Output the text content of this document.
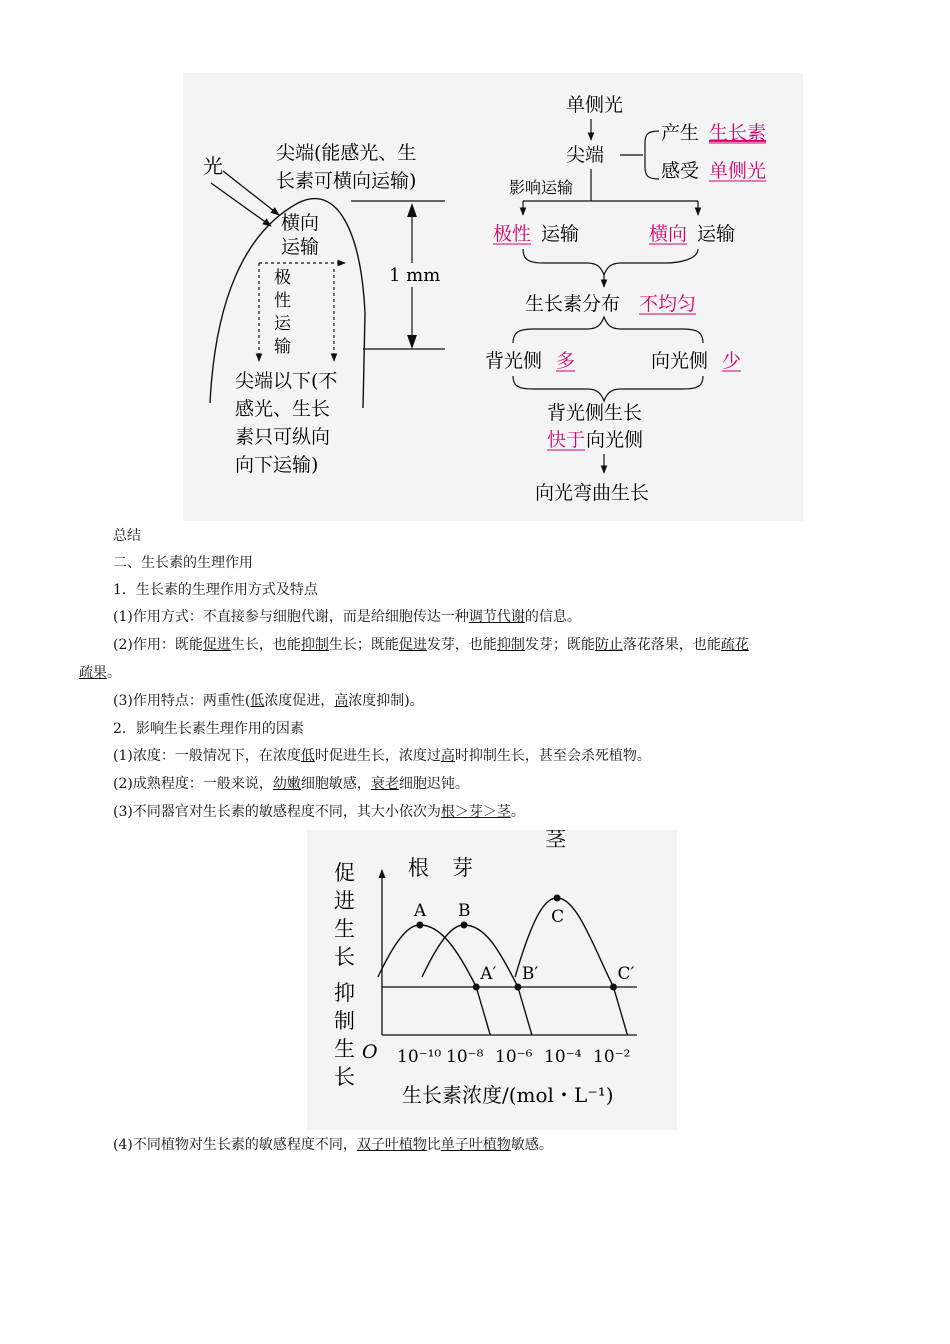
光
尖端(能感光、生
长素可横向运输)
1 mm
横向
运输
极
性
运
输
尖端以下(不
感光、生长
素只可纵向
向下运输)
单侧光
尖端
产生 生长素
感受 单侧光
影响运输
极性 运输	横向 运输
生长素分布 不均匀
背光侧 多	向光侧 少
背光侧生长
快于 向光侧
向光弯曲生长
总结
二、生长素的生理作用
1．生长素的生理作用方式及特点
(1)作用方式：不直接参与细胞代谢，而是给细胞传达一种调节代谢的信息。
(2)作用：既能促进生长，也能抑制生长；既能促进发芽，也能抑制发芽；既能防止落花落果，也能疏花
疏果。
(3)作用特点：两重性(低浓度促进，高浓度抑制)。
2．影响生长素生理作用的因素
(1)浓度：一般情况下，在浓度低时促进生长，浓度过高时抑制生长，甚至会杀死植物。
(2)成熟程度：一般来说，幼嫩细胞敏感，衰老细胞迟钝。
(3)不同器官对生长素的敏感程度不同，其大小依次为根＞芽＞茎。
促
进
生
长
抑
制
生
长
O 10⁻¹⁰ 10⁻⁸ 10⁻⁶ 10⁻⁴ 10⁻²
生长素浓度/(mol・L⁻¹)
根
A
A′
芽
B
B′
茎
C
C′
(4)不同植物对生长素的敏感程度不同，双子叶植物比单子叶植物敏感。
